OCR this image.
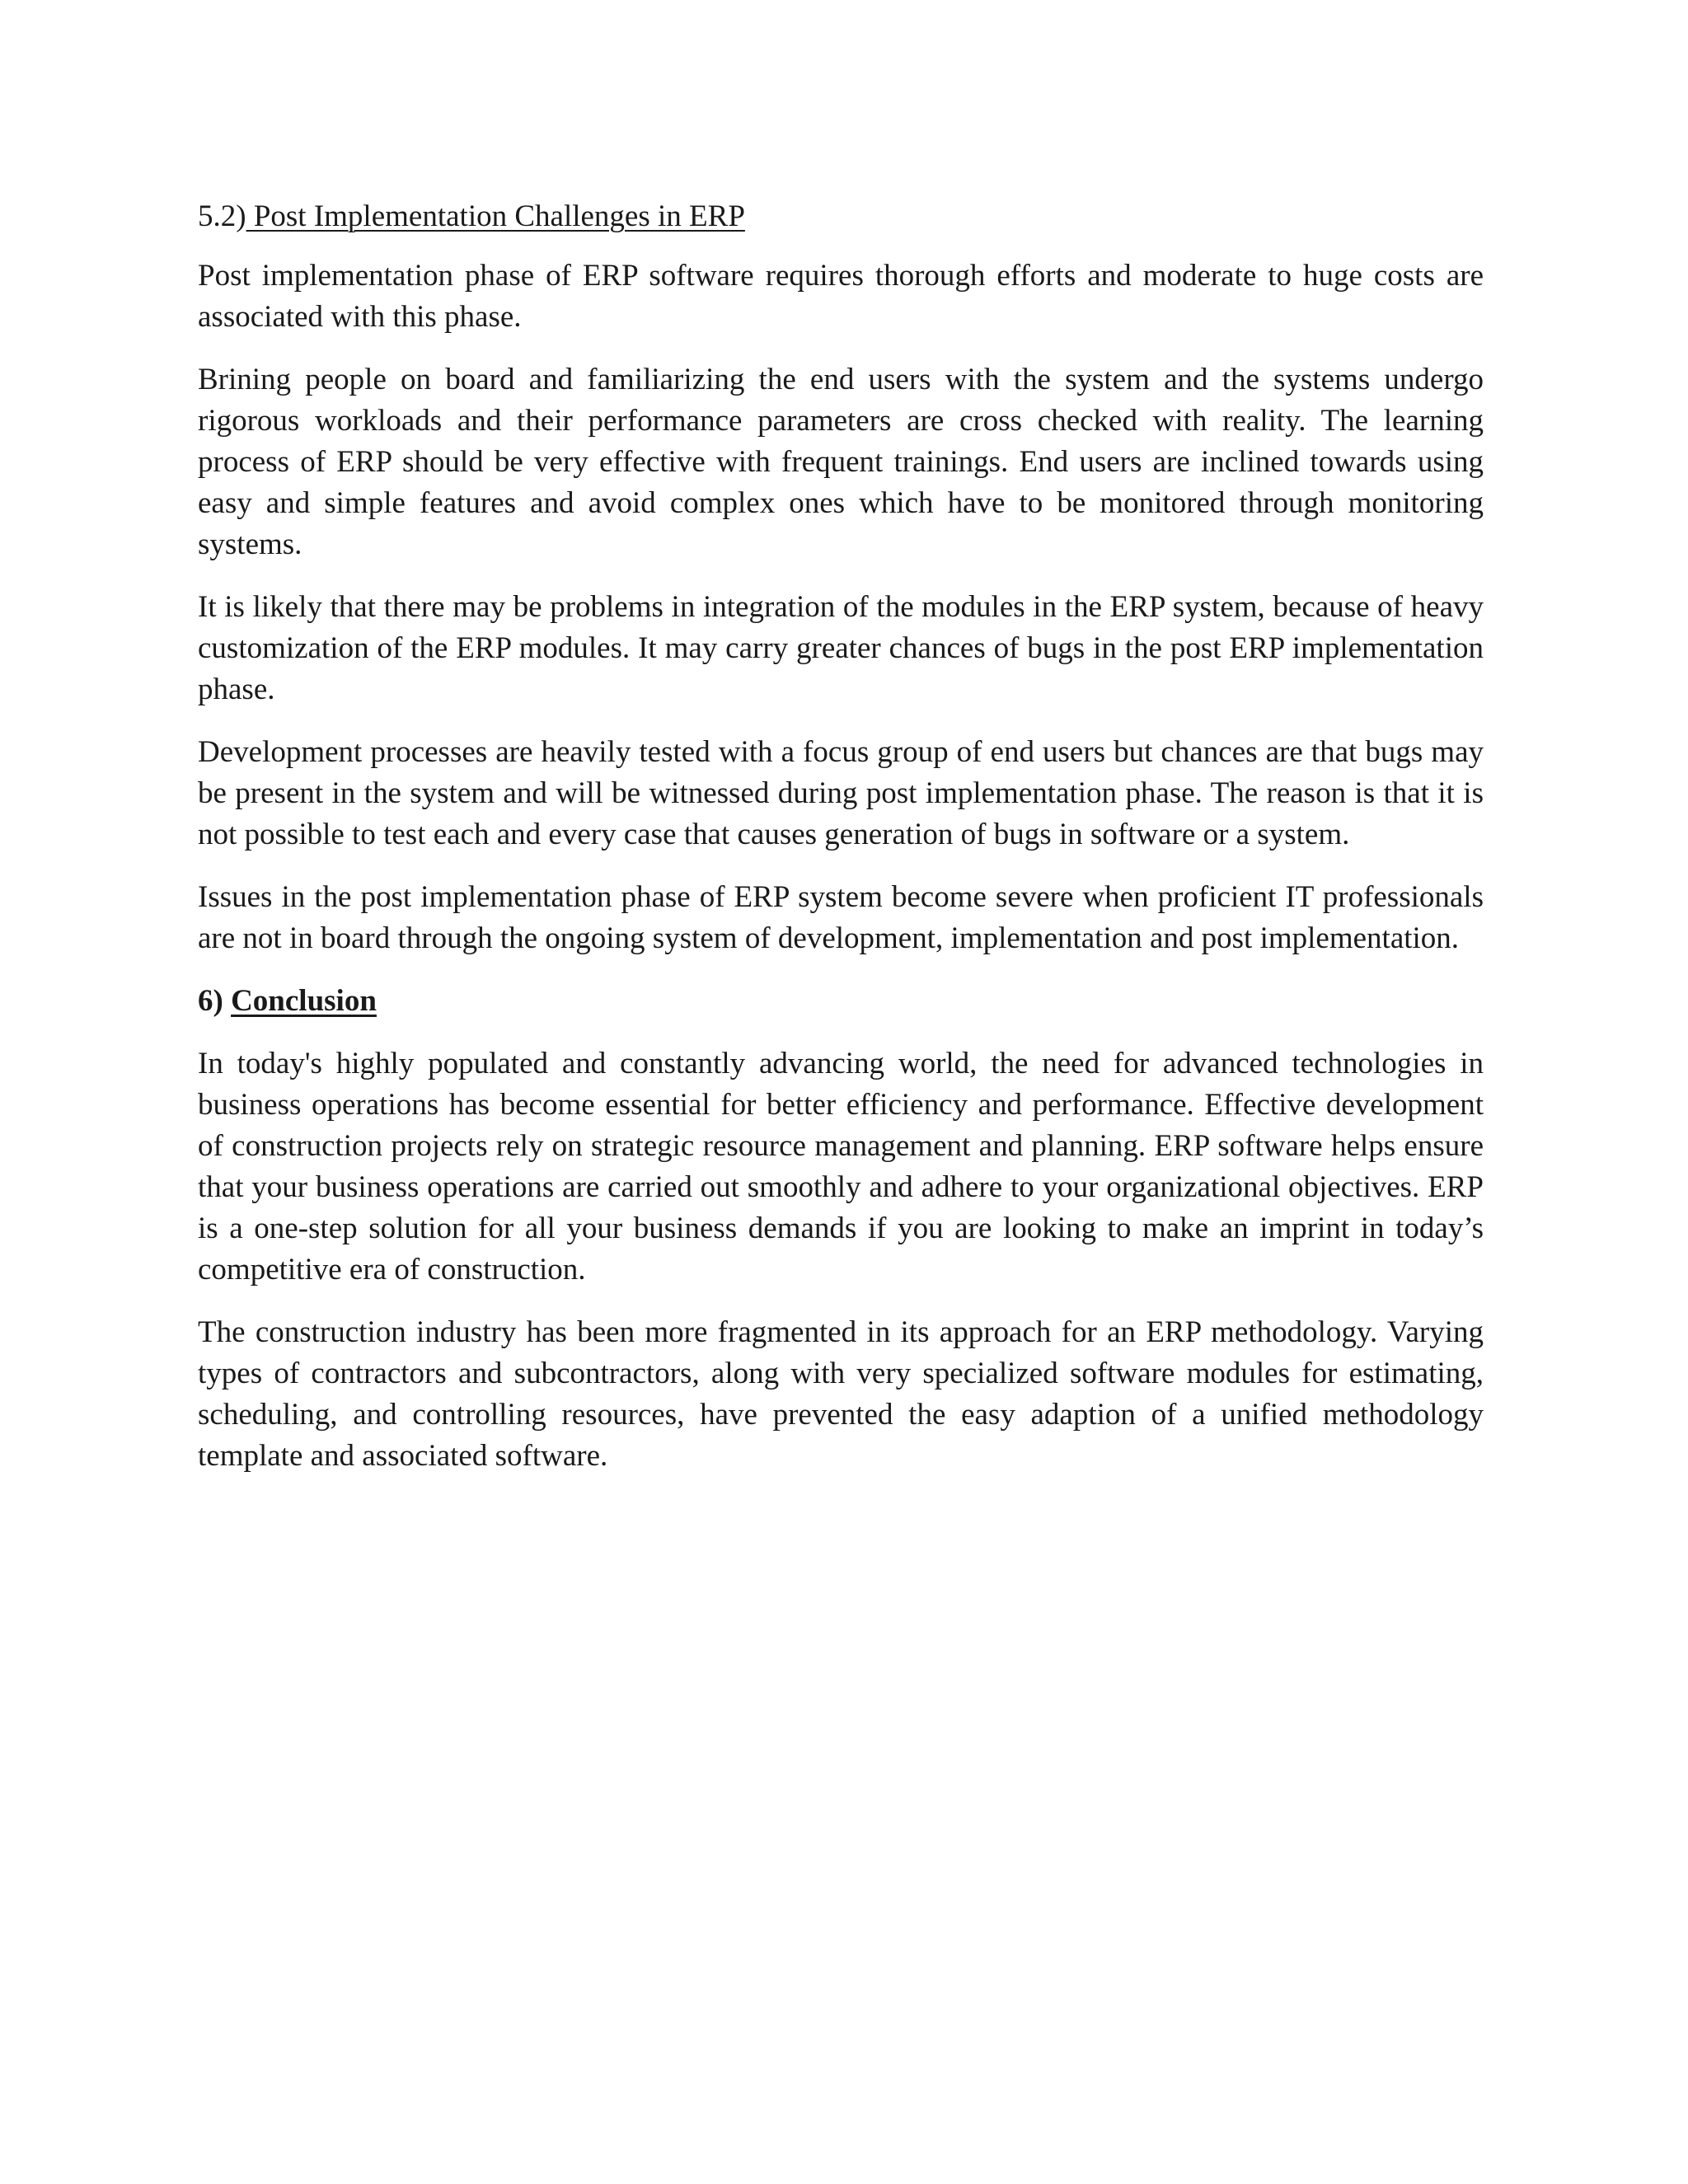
5.2) Post Implementation Challenges in ERP

Post implementation phase of ERP software requires thorough efforts and moderate to huge costs are associated with this phase.

Brining people on board and familiarizing the end users with the system and the systems undergo rigorous workloads and their performance parameters are cross checked with reality. The learning process of ERP should be very effective with frequent trainings. End users are inclined towards using easy and simple features and avoid complex ones which have to be monitored through monitoring systems.

It is likely that there may be problems in integration of the modules in the ERP system, because of heavy customization of the ERP modules. It may carry greater chances of bugs in the post ERP implementation phase.

Development processes are heavily tested with a focus group of end users but chances are that bugs may be present in the system and will be witnessed during post implementation phase. The reason is that it is not possible to test each and every case that causes generation of bugs in software or a system.

Issues in the post implementation phase of ERP system become severe when proficient IT professionals are not in board through the ongoing system of development, implementation and post implementation.

6) Conclusion

In today's highly populated and constantly advancing world, the need for advanced technologies in business operations has become essential for better efficiency and performance. Effective development of construction projects rely on strategic resource management and planning. ERP software helps ensure that your business operations are carried out smoothly and adhere to your organizational objectives. ERP is a one-step solution for all your business demands if you are looking to make an imprint in today’s competitive era of construction.

The construction industry has been more fragmented in its approach for an ERP methodology. Varying types of contractors and subcontractors, along with very specialized software modules for estimating, scheduling, and controlling resources, have prevented the easy adaption of a unified methodology template and associated software.
